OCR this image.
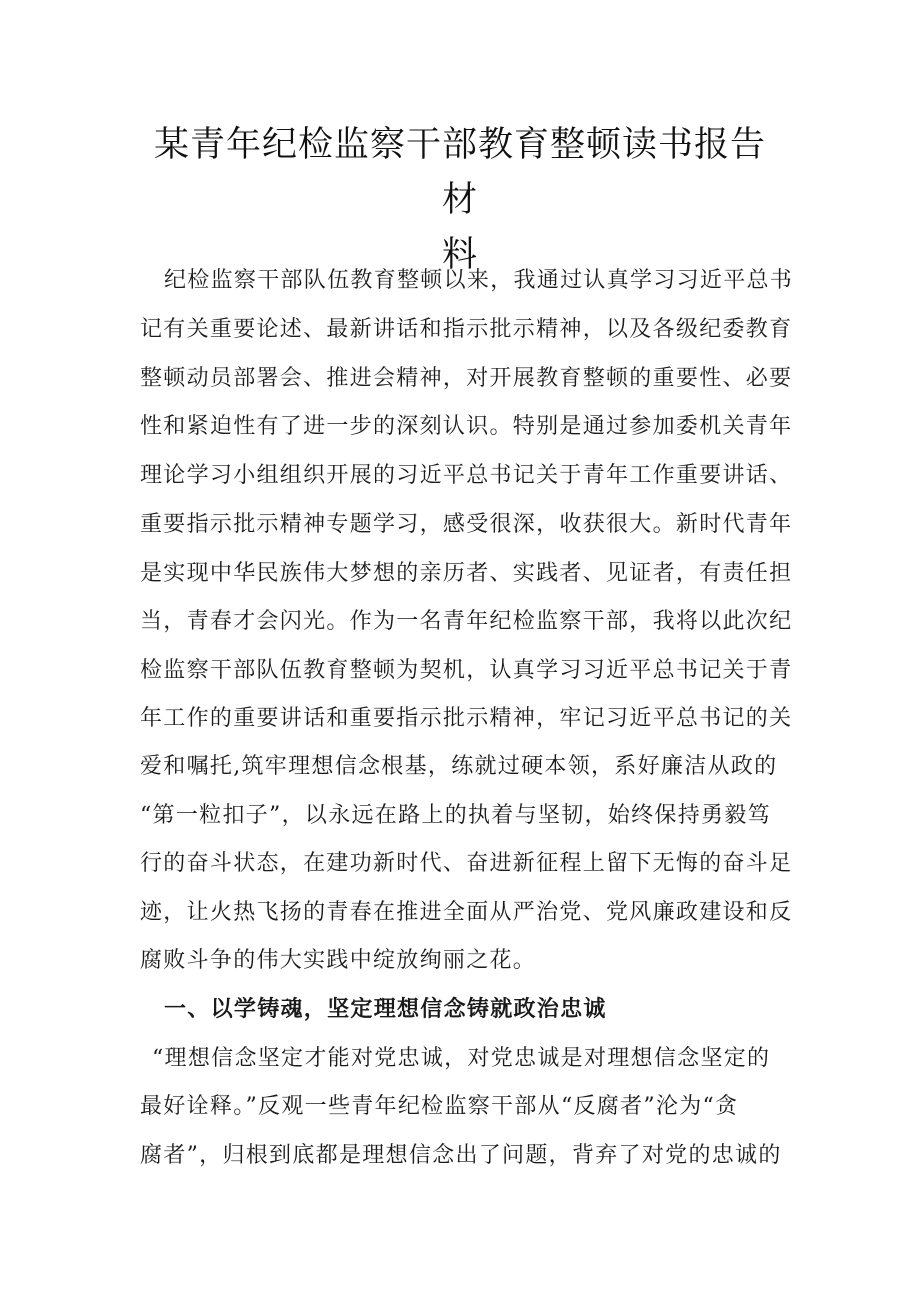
某青年纪检监察干部教育整顿读书报告材
料

纪检监察干部队伍教育整顿以来，我通过认真学习习近平总书

记有关重要论述、最新讲话和指示批示精神，以及各级纪委教育

整顿动员部署会、推进会精神，对开展教育整顿的重要性、必要

性和紧迫性有了进一步的深刻认识。特别是通过参加委机关青年

理论学习小组组织开展的习近平总书记关于青年工作重要讲话、

重要指示批示精神专题学习，感受很深，收获很大。新时代青年

是实现中华民族伟大梦想的亲历者、实践者、见证者，有责任担

当，青春才会闪光。作为一名青年纪检监察干部，我将以此次纪

检监察干部队伍教育整顿为契机，认真学习习近平总书记关于青

年工作的重要讲话和重要指示批示精神，牢记习近平总书记的关

爱和嘱托,筑牢理想信念根基，练就过硬本领，系好廉洁从政的

“第一粒扣子”，以永远在路上的执着与坚韧，始终保持勇毅笃

行的奋斗状态，在建功新时代、奋进新征程上留下无悔的奋斗足

迹，让火热飞扬的青春在推进全面从严治党、党风廉政建设和反

腐败斗争的伟大实践中绽放绚丽之花。

一、以学铸魂，坚定理想信念铸就政治忠诚

“理想信念坚定才能对党忠诚，对党忠诚是对理想信念坚定的

最好诠释。”反观一些青年纪检监察干部从“反腐者”沦为“贪

腐者”，归根到底都是理想信念出了问题，背弃了对党的忠诚的
